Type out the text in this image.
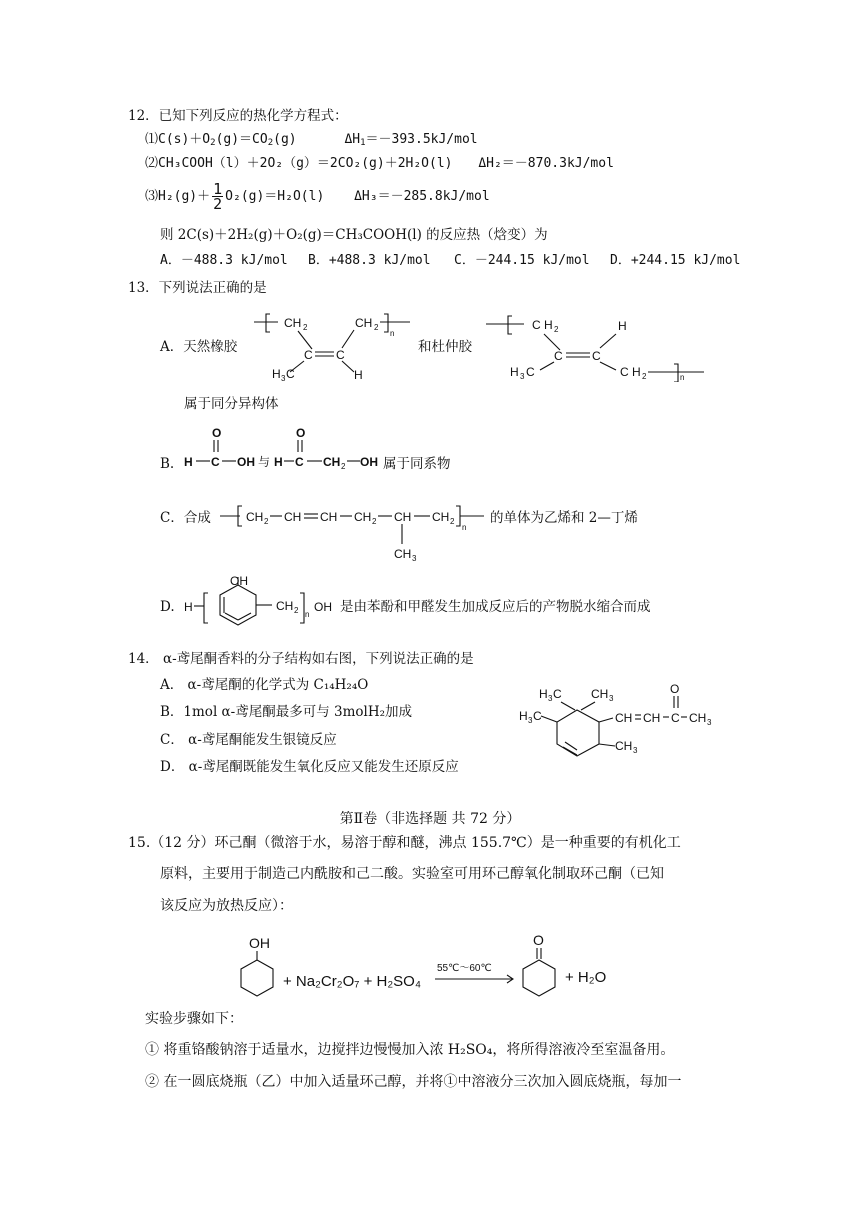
12．已知下列反应的热化学方程式：
$⑴C(s)+O_2(g)=CO_2(g)$	$\Delta H_1=-393.5kJ$/mol
⑵CH₃COOH（l）＋2O₂（g）＝2CO₂(g)＋2H₂O(l) ΔH₂＝－870.3kJ/mol
⑶H₂(g)＋ $\frac{1}{2} O_2(g)=H_2O(l)$ ΔH₃＝－285.8kJ/mol
则 2C(s)＋2H₂(g)＋O₂(g)＝CH₃COOH(l) 的反应热（焓变）为
A．－488.3 kJ/mol B．+488.3 kJ/mol C．－244.15 kJ/mol D．+244.15 kJ/mol
13．下列说法正确的是
A．天然橡胶
CH 2
C C
CH 2
n
H 3 C	H
和杜仲胶
C H 2
C C
H
H 3 C	C H 2	n
属于同分异构体
B.
O
H C OH 与 H
O
C CH 2 OH 属于同系物
C．合成	CH 2 CH CH CH 2 CH
CH 3
CH 2
n
的单体为乙烯和 2—丁烯
D. H
OH
CH 2 n
OH 是由苯酚和甲醛发生加成反应后的产物脱水缩合而成
14． α-鸢尾酮香料的分子结构如右图，下列说法正确的是
A． α-鸢尾酮的化学式为 C₁₄H₂₄O
B．1mol α-鸢尾酮最多可与 3molH₂加成
C． α-鸢尾酮能发生银镜反应
D． α-鸢尾酮既能发生氧化反应又能发生还原反应
H 3 C CH 3
H 3 C	CH CH C
O
CH 3
CH 3
第Ⅱ卷（非选择题 共 72 分）
15.（12 分）环己酮（微溶于水，易溶于醇和醚，沸点 155.7℃）是一种重要的有机化工
原料，主要用于制造己内酰胺和己二酸。实验室可用环己醇氧化制取环己酮（已知
该反应为放热反应）：
OH
+ Na₂Cr₂O₇ + H₂SO₄
55℃～60℃
O
+ H₂O
实验步骤如下：
① 将重铬酸钠溶于适量水，边搅拌边慢慢加入浓 H₂SO₄，将所得溶液冷至室温备用。
② 在一圆底烧瓶（乙）中加入适量环己醇，并将①中溶液分三次加入圆底烧瓶，每加一
